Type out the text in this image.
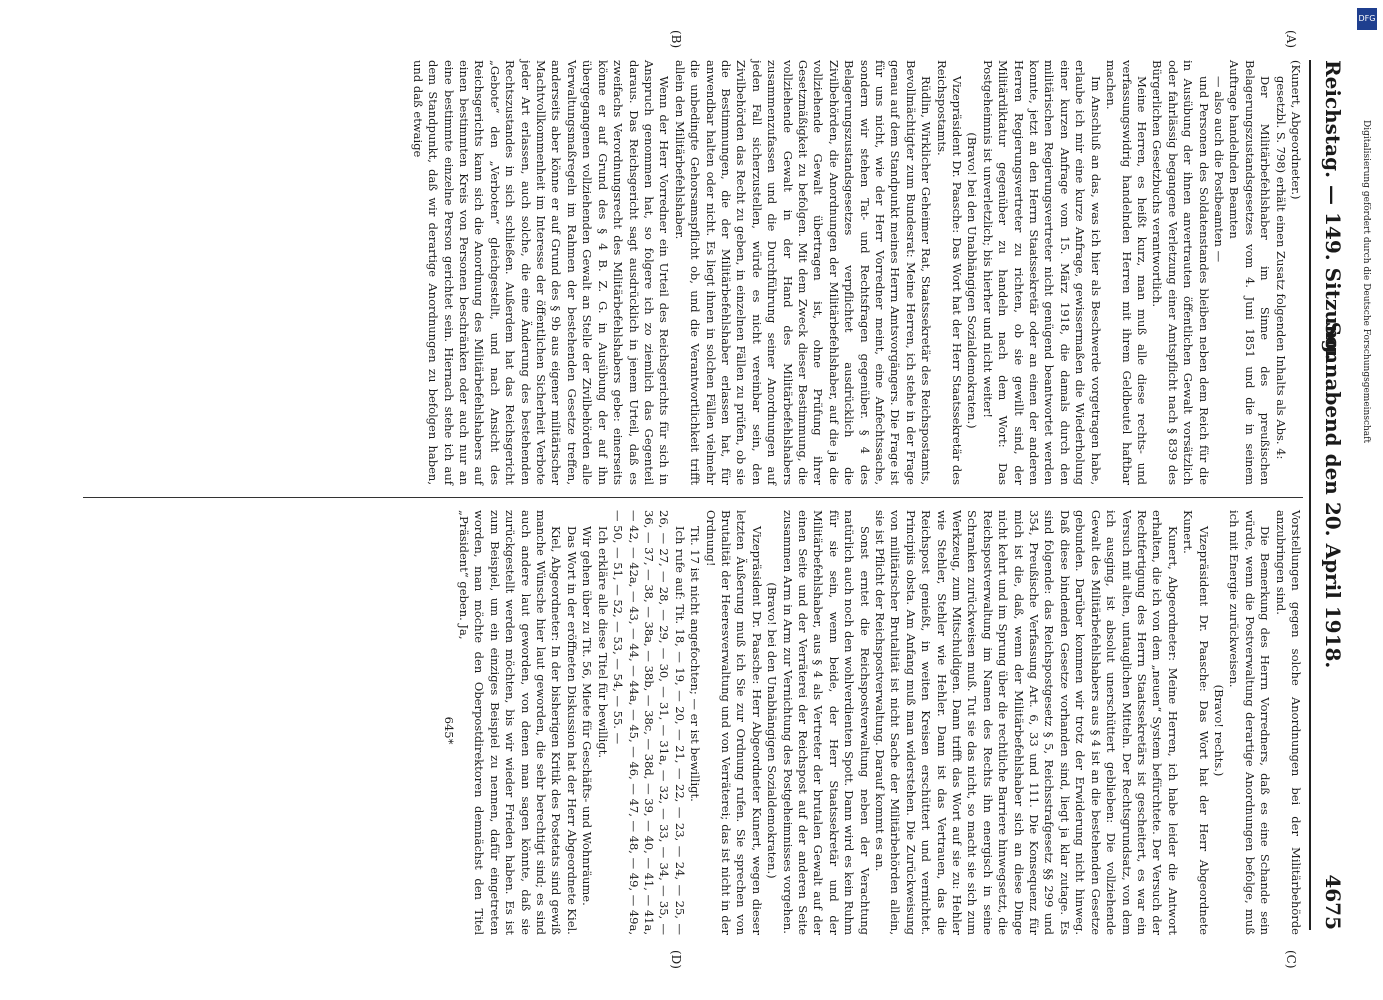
Reichstag. — 149. Sitzung.
Sonnabend den 20. April 1918.
4675
(A)
(B)
(C)
(D)

(Kunert, Abgeordneter.)

gesetzbl. S. 798) erhält einen Zusatz folgenden Inhalts als Abs. 4:

Der Militärbefehlshaber im Sinne des preußischen Belagerungszustandsgesetzes vom 4. Juni 1851 und die in seinem Auftrage handelnden Beamten

— also auch die Postbeamten —

und Personen des Soldatenstandes bleiben neben dem Reich für die in Ausübung der ihnen anvertrauten öffentlichen Gewalt vorsätzlich oder fahrlässig begangene Verletzung einer Amtspflicht nach § 839 des Bürgerlichen Gesetzbuchs verantwortlich.

Meine Herren, es heißt kurz, man muß alle diese rechts- und verfassungswidrig handelnden Herren mit ihrem Geldbeutel haftbar machen.

Im Anschluß an das, was ich hier als Beschwerde vorgetragen habe, erlaube ich mir eine kurze Anfrage, gewissermaßen die Wiederholung einer kurzen Anfrage vom 15. März 1918, die damals durch den militärischen Regierungsvertreter nicht genügend beantwortet werden konnte, jetzt an den Herrn Staatssekretär oder an einen der anderen Herren Regierungsvertreter zu richten, ob sie gewillt sind, der Militärdiktatur gegenüber zu handeln nach dem Wort: Das Postgeheimnis ist unverletzlich; bis hierher und nicht weiter!

(Bravo! bei den Unabhängigen Sozialdemokraten.)

Vizepräsident Dr. Paasche: Das Wort hat der Herr Staatssekretär des Reichspostamts.

Rüdlin, Wirklicher Geheimer Rat, Staatssekretär des Reichspostamts, Bevollmächtigter zum Bundesrat: Meine Herren, ich stehe in der Frage genau auf dem Standpunkt meines Herrn Amtsvorgängers. Die Frage ist für uns nicht, wie der Herr Vorredner meint, eine Anfechtssache, sondern wir stehen Tat- und Rechtsfragen gegenüber. § 4 des Belagerungszustandsgesetzes verpflichtet ausdrücklich die Zivilbehörden, die Anordnungen der Militärbefehlshaber, auf die ja die vollziehende Gewalt übertragen ist, ohne Prüfung ihrer Gesetzmäßigkeit zu befolgen. Mit dem Zweck dieser Bestimmung, die vollziehende Gewalt in der Hand des Militärbefehlshabers zusammenzufassen und die Durchführung seiner Anordnungen auf jeden Fall sicherzustellen, würde es nicht vereinbar sein, den Zivilbehörden das Recht zu geben, in einzelnen Fällen zu prüfen, ob sie die Bestimmungen, die der Militärbefehlshaber erlassen hat, für anwendbar halten oder nicht. Es liegt ihnen in solchen Fällen vielmehr die unbedingte Gehorsamspflicht ob, und die Verantwortlichkeit trifft allein den Militärbefehlshaber.

Wenn der Herr Vorredner ein Urteil des Reichsgerichts für sich in Anspruch genommen hat, so folgere ich zo ziemlich das Gegenteil daraus. Das Reichsgericht sagt ausdrücklich in jenem Urteil, daß es zweifachs Verordnungsrecht des Militärbefehlshabers gebe: einerseits könne er auf Grund des § 4 B. Z. G. in Ausübung der auf ihn übergegangenen vollziehenden Gewalt an Stelle der Zivilbehörden alle Verwaltungsmaßregeln im Rahmen der bestehenden Gesetze treffen, anderseits aber könne er auf Grund des § 9b aus eigener militärischer Machtvollkommenheit im Interesse der öffentlichen Sicherheit Verbote jeder Art erlassen, auch solche, die eine Änderung des bestehenden Rechtszustandes in sich schließen. Außerdem hat das Reichsgericht „Gebote“ den „Verboten“ gleichgestellt, und nach Ansicht des Reichsgerichts kann sich die Anordnung des Militärbefehlshabers auf einen bestimmten Kreis von Personen beschränken oder auch nur an eine bestimmte einzelne Person gerichtet sein. Hiernach stehe ich auf dem Standpunkt, daß wir derartige Anordnungen zu befolgen haben, und daß etwaige

Vorstellungen gegen solche Anordnungen bei der Militärbehörde anzubringen sind.

Die Bemerkung des Herrn Vorredners, daß es eine Schande sein würde, wenn die Postverwaltung derartige Anordnungen befolge, muß ich mit Energie zurückweisen.

(Bravo! rechts.)

Vizepräsident Dr. Paasche: Das Wort hat der Herr Abgeordnete Kunert.

Kunert, Abgeordneter: Meine Herren, ich habe leider die Antwort erhalten, die ich von dem „neuen“ System befürchtete. Der Versuch der Rechtfertigung des Herrn Staatssekretärs ist gescheitert, es war ein Versuch mit alten, untauglichen Mitteln. Der Rechtsgrundsatz, von dem ich ausging, ist absolut unerschüttert geblieben: Die vollziehende Gewalt des Militärbefehlshabers aus § 4 ist an die bestehenden Gesetze gebunden. Darüber kommen wir trotz der Erwiderung nicht hinweg. Daß diese bindenden Gesetze vorhanden sind, liegt ja klar zutage. Es sind folgende: das Reichspostgesetz § 5, Reichsstrafgesetz §§ 299 und 354, Preußische Verfassung Art. 6, 33 und 111. Die Konsequenz für mich ist die, daß, wenn der Militärbefehlshaber sich an diese Dinge nicht kehrt und im Sprung über die rechtliche Barriere hinwegsetzt, die Reichspostverwaltung im Namen des Rechts ihn energisch in seine Schranken zurückweisen muß. Tut sie das nicht, so macht sie sich zum Werkzeug, zum Mitschuldigen. Dann trifft das Wort auf sie zu: Hehler wie Stehler, Stehler wie Hehler. Dann ist das Vertrauen, das die Reichspost genießt, in weiten Kreisen erschüttert und vernichtet. Principiis obsta. Am Anfang muß man widerstehen. Die Zurückweisung von militärischer Brutalität ist nicht Sache der Militärbehörden allein, sie ist Pflicht der Reichspostverwaltung. Darauf kommt es an.

Sonst erntet die Reichspostverwaltung neben der Verachtung natürlich auch noch den wohlverdienten Spott. Dann wird es kein Ruhm für sie sein, wenn beide, der Herr Staatssekretär und der Militärbefehlshaber, aus § 4 als Vertreter der brutalen Gewalt auf der einen Seite und der Verräterei der Reichspost auf der anderen Seite zusammen Arm in Arm zur Vernichtung des Postgeheimnisses vorgehen.

(Bravo! bei den Unabhängigen Sozialdemokraten.)

Vizepräsident Dr. Paasche: Herr Abgeordneter Kunert, wegen dieser letzten Äußerung muß ich Sie zur Ordnung rufen. Sie sprechen von Brutalität der Heeresverwaltung und von Verräterei; das ist nicht in der Ordnung!

Tit. 17 ist nicht angefochten; — er ist bewilligt.

Ich rufe auf: Tit. 18, — 19, — 20, — 21, — 22, — 23, — 24, — 25, — 26, — 27, — 28, — 29, — 30, — 31, — 31a, — 32, — 33, — 34, — 35, — 36, — 37, — 38, — 38a, — 38b, — 38c, — 38d, — 39, — 40, — 41, — 41a, — 42, — 42a, — 43, — 44, — 44a, — 45, — 46, — 47, — 48, — 49, — 49a, — 50, — 51, — 52, — 53, — 54, — 55. —

Ich erkläre alle diese Titel für bewilligt.

Wir gehen über zu Tit. 56, Miete für Geschäfts- und Wohnräume.

Das Wort in der eröffneten Diskussion hat der Herr Abgeordnete Kiel.

Kiel, Abgeordneter: In der bisherigen Kritik des Postetats sind gewiß manche Wünsche hier laut geworden, die sehr berechtigt sind; es sind auch andere laut geworden, von denen man sagen könnte, daß sie zurückgestellt werden möchten, bis wir wieder Frieden haben. Es ist zum Beispiel, um ein einziges Beispiel zu nennen, dafür eingetreten worden, man möchte den Oberpostdirektoren demnächst den Titel „Präsident“ geben. Ja,

645*

Digitalisierung gefördert durch die Deutsche Forschungsgemeinschaft
DFG
